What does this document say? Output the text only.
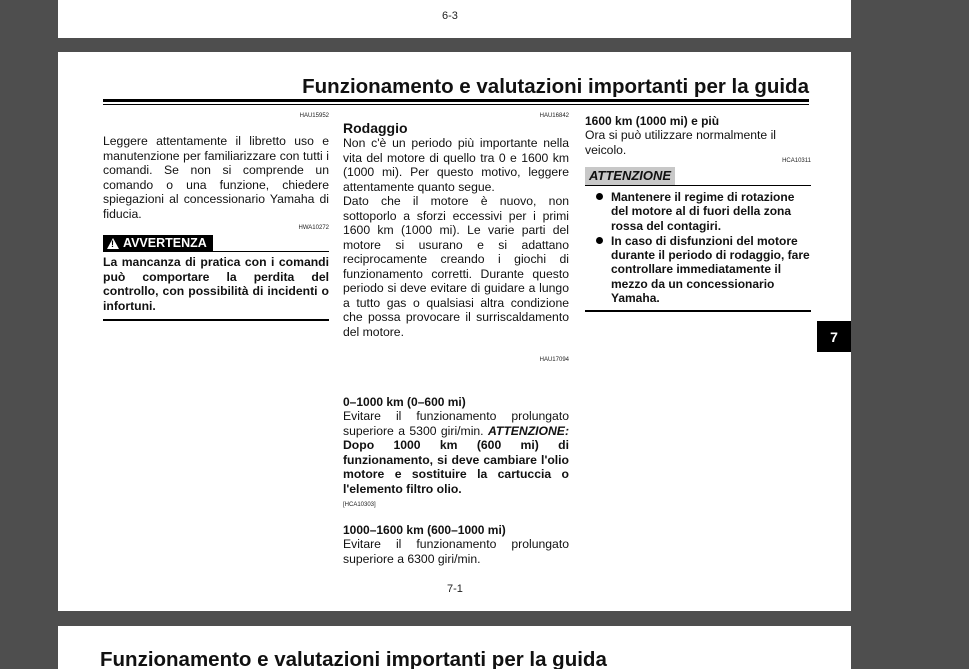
6-3
Funzionamento e valutazioni importanti per la guida
HAU15952

Leggere attentamente il libretto uso e manutenzione per familiarizzare con tutti i comandi. Se non si comprende un comando o una funzione, chiedere spiegazioni al concessionario Yamaha di fiducia.

HWA10272
!
AVVERTENZA

La mancanza di pratica con i comandi può comportare la perdita del controllo, con possibilità di incidenti o infortuni.

HAU16842
Rodaggio

Non c'è un periodo più importante nella vita del motore di quello tra 0 e 1600 km (1000 mi). Per questo motivo, leggere attentamente quanto segue.

Dato che il motore è nuovo, non sottoporlo a sforzi eccessivi per i primi 1600 km (1000 mi). Le varie parti del motore si usurano e si adattano reciprocamente creando i giochi di funzionamento corretti. Durante questo periodo si deve evitare di guidare a lungo a tutto gas o qualsiasi altra condizione che possa provocare il surriscaldamento del motore.

HAU17094
0–1000 km (0–600 mi)

Evitare il funzionamento prolungato superiore a 5300 giri/min. ATTENZIONE: Dopo 1000 km (600 mi) di funzionamento, si deve cambiare l'olio motore e sostituire la cartuccia o l'elemento filtro olio.

[HCA10303]
1000–1600 km (600–1000 mi)

Evitare il funzionamento prolungato superiore a 6300 giri/min.

1600 km (1000 mi) e più

Ora si può utilizzare normalmente il veicolo.

HCA10311
ATTENZIONE
Mantenere il regime di rotazione del motore al di fuori della zona rossa del contagiri.
In caso di disfunzioni del motore durante il periodo di rodaggio, fare controllare immediatamente il mezzo da un concessionario Yamaha.
7-1
7
Funzionamento e valutazioni importanti per la guida
